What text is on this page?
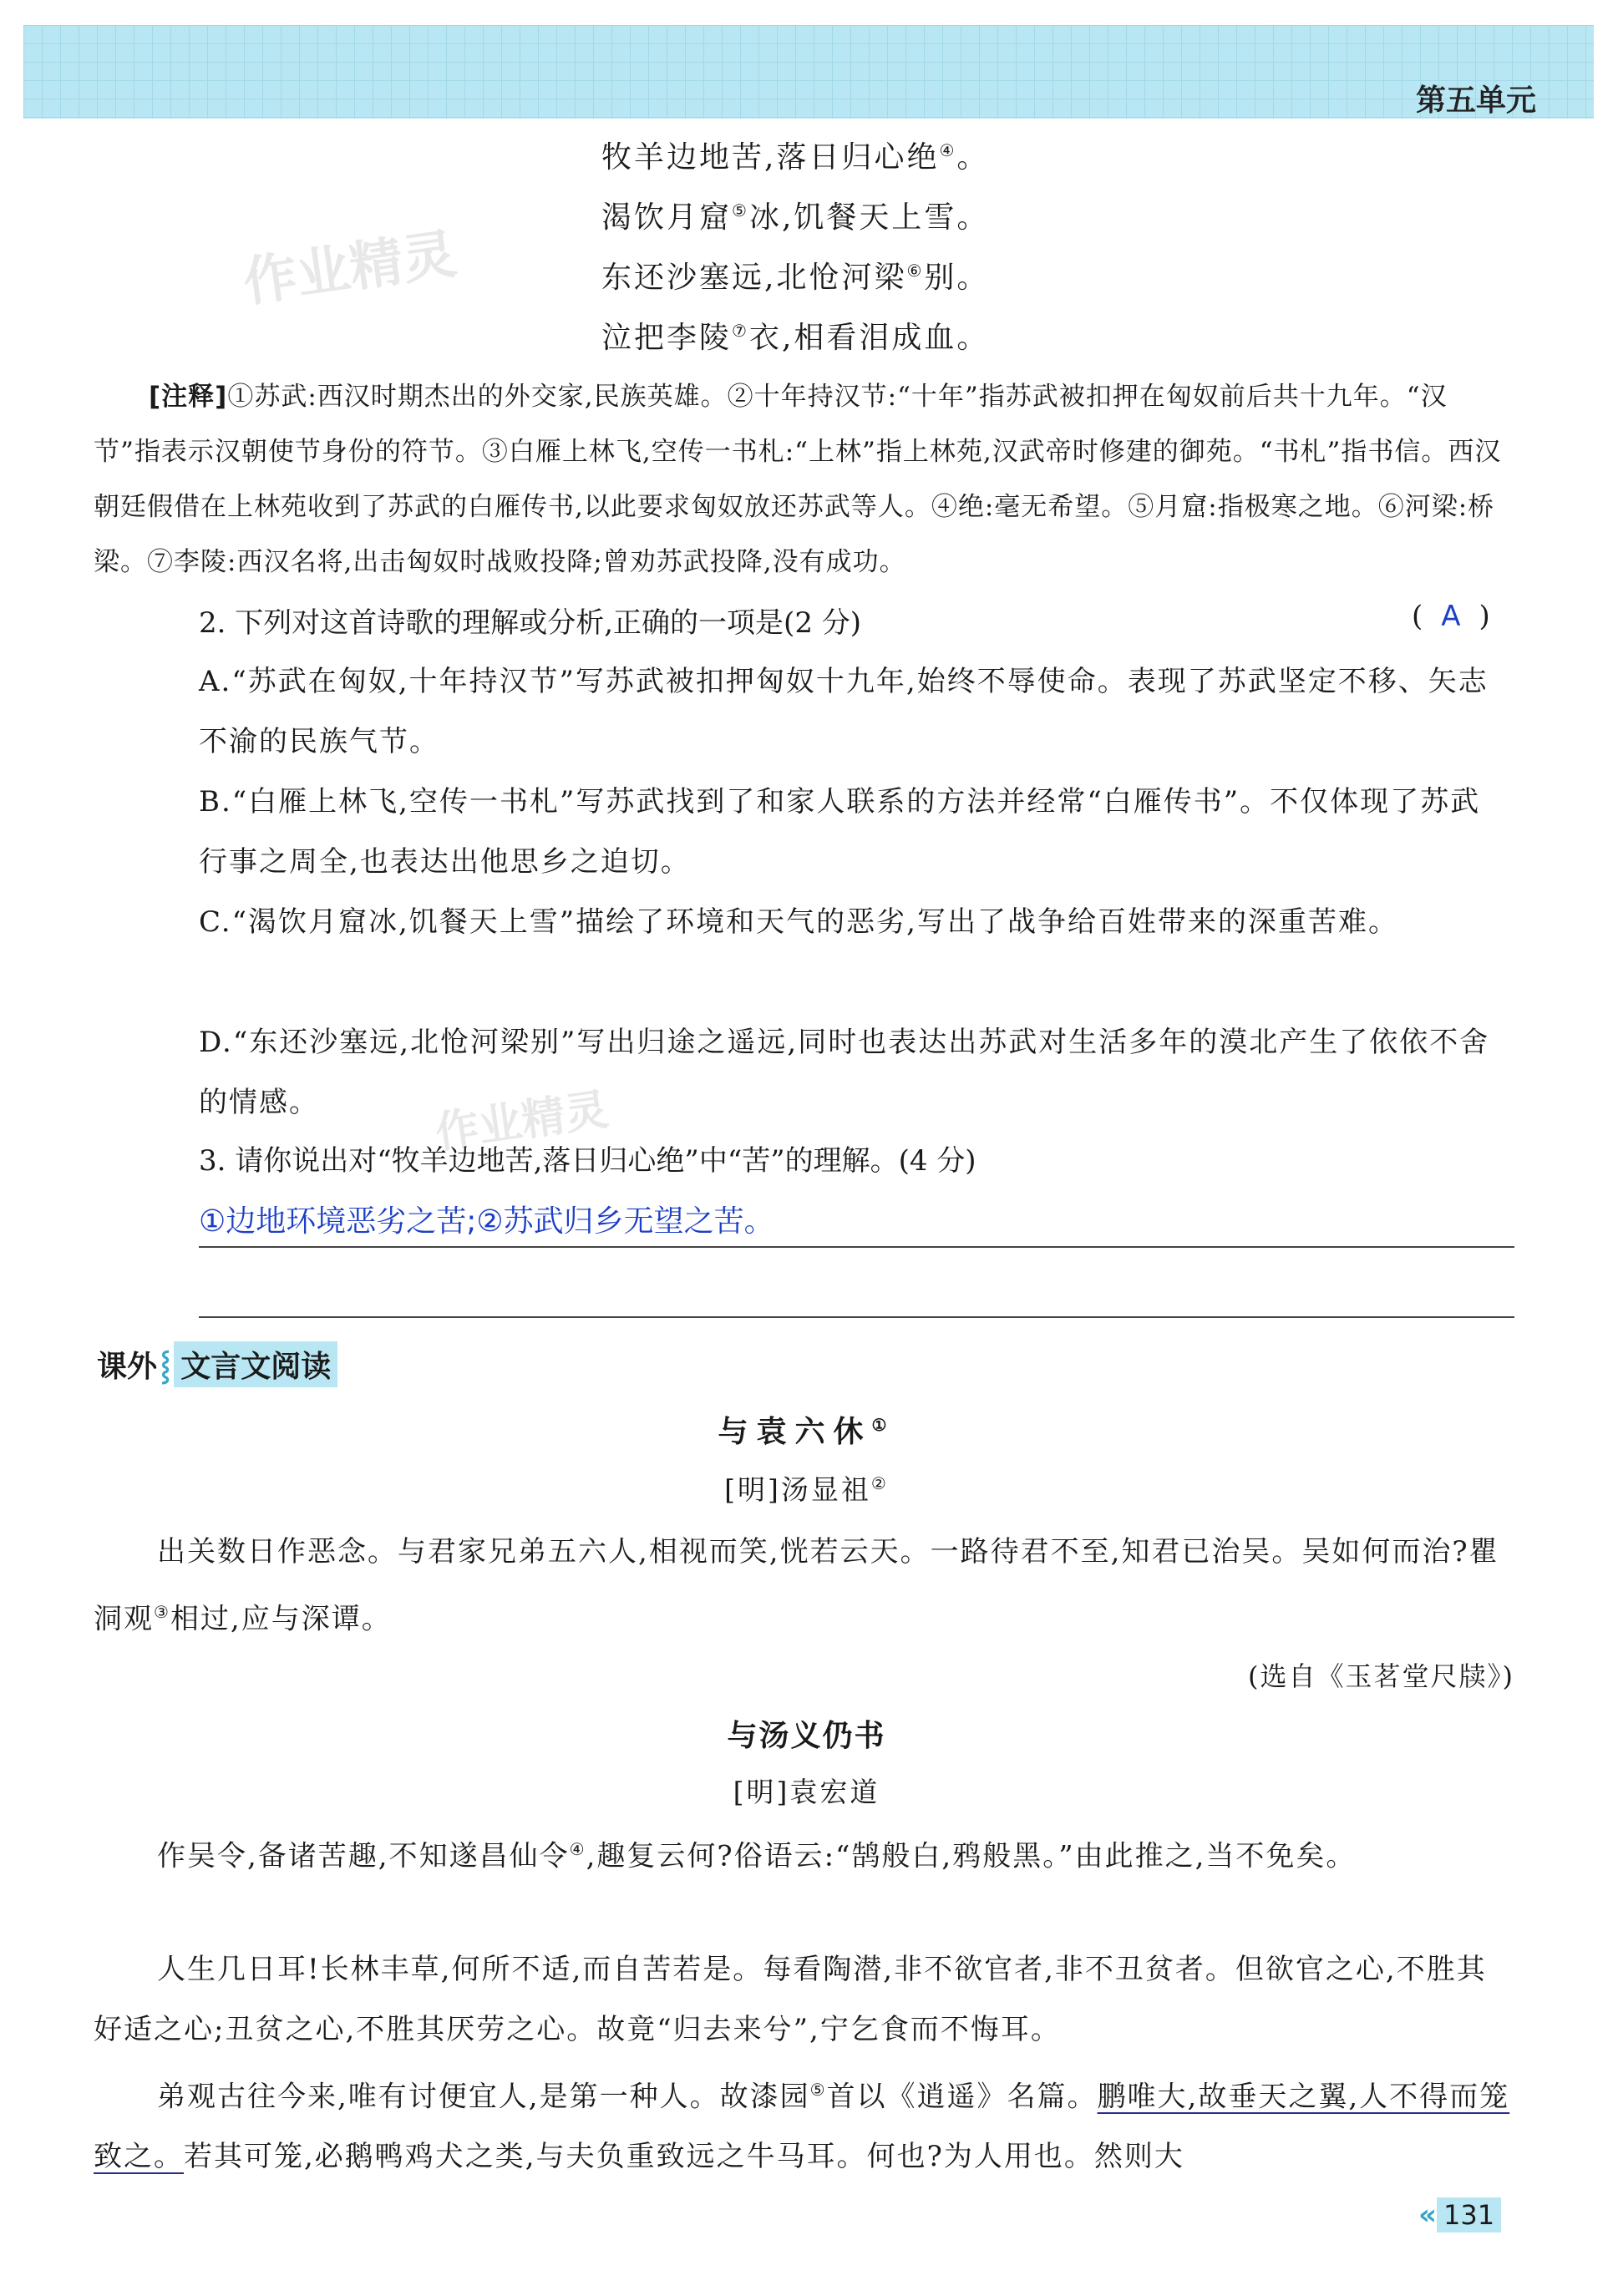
第五单元
作业精灵
作业精灵
牧羊边地苦,落日归心绝④。
渴饮月窟⑤冰,饥餐天上雪。
东还沙塞远,北怆河梁⑥别。
泣把李陵⑦衣,相看泪成血。
[注释]①苏武:西汉时期杰出的外交家,民族英雄。②十年持汉节:“十年”指苏武被扣押在匈奴前后共十九年。“汉节”指表示汉朝使节身份的符节。③白雁上林飞,空传一书札:“上林”指上林苑,汉武帝时修建的御苑。“书札”指书信。西汉朝廷假借在上林苑收到了苏武的白雁传书,以此要求匈奴放还苏武等人。④绝:毫无希望。⑤月窟:指极寒之地。⑥河梁:桥梁。⑦李陵:西汉名将,出击匈奴时战败投降;曾劝苏武投降,没有成功。
2. 下列对这首诗歌的理解或分析,正确的一项是(2 分)	( A )
A.“苏武在匈奴,十年持汉节”写苏武被扣押匈奴十九年,始终不辱使命。表现了苏武坚定不移、矢志不渝的民族气节。
B.“白雁上林飞,空传一书札”写苏武找到了和家人联系的方法并经常“白雁传书”。不仅体现了苏武行事之周全,也表达出他思乡之迫切。
C.“渴饮月窟冰,饥餐天上雪”描绘了环境和天气的恶劣,写出了战争给百姓带来的深重苦难。
D.“东还沙塞远,北怆河梁别”写出归途之遥远,同时也表达出苏武对生活多年的漠北产生了依依不舍的情感。
3. 请你说出对“牧羊边地苦,落日归心绝”中“苦”的理解。(4 分)
①边地环境恶劣之苦;②苏武归乡无望之苦。
课外 ⸾ 文言文阅读
与袁六休①
[明]汤显祖②
出关数日作恶念。与君家兄弟五六人,相视而笑,恍若云天。一路待君不至,知君已治吴。吴如何而治?瞿洞观③相过,应与深谭。
(选自《玉茗堂尺牍》)
与汤义仍书
[明]袁宏道
作吴令,备诸苦趣,不知遂昌仙令④,趣复云何?俗语云:“鹄般白,鸦般黑。”由此推之,当不免矣。
人生几日耳!长林丰草,何所不适,而自苦若是。每看陶潜,非不欲官者,非不丑贫者。但欲官之心,不胜其好适之心;丑贫之心,不胜其厌劳之心。故竟“归去来兮”,宁乞食而不悔耳。
弟观古往今来,唯有讨便宜人,是第一种人。故漆园⑤首以《逍遥》名篇。鹏唯大,故垂天之翼,人不得而笼致之。若其可笼,必鹅鸭鸡犬之类,与夫负重致远之牛马耳。何也?为人用也。然则大
« 131
